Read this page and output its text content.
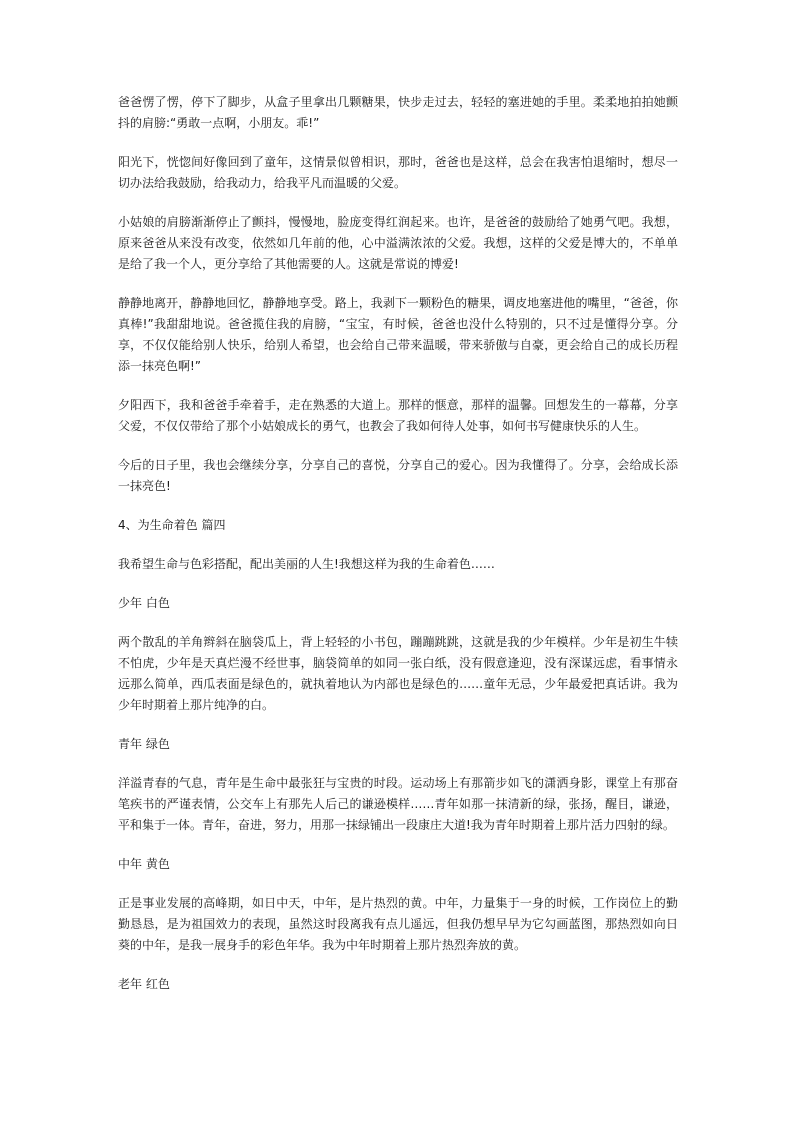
爸爸愣了愣，停下了脚步，从盒子里拿出几颗糖果，快步走过去，轻轻的塞进她的手里。柔柔地拍拍她颤抖的肩膀:“勇敢一点啊，小朋友。乖!”

阳光下，恍惚间好像回到了童年，这情景似曾相识，那时，爸爸也是这样，总会在我害怕退缩时，想尽一切办法给我鼓励，给我动力，给我平凡而温暖的父爱。

小姑娘的肩膀渐渐停止了颤抖，慢慢地，脸庞变得红润起来。也许，是爸爸的鼓励给了她勇气吧。我想，原来爸爸从来没有改变，依然如几年前的他，心中溢满浓浓的父爱。我想，这样的父爱是博大的，不单单是给了我一个人，更分享给了其他需要的人。这就是常说的博爱!

静静地离开，静静地回忆，静静地享受。路上，我剥下一颗粉色的糖果，调皮地塞进他的嘴里，“爸爸，你真棒!”我甜甜地说。爸爸揽住我的肩膀，“宝宝，有时候，爸爸也没什么特别的，只不过是懂得分享。分享，不仅仅能给别人快乐，给别人希望，也会给自己带来温暖，带来骄傲与自豪，更会给自己的成长历程添一抹亮色啊!”

夕阳西下，我和爸爸手牵着手，走在熟悉的大道上。那样的惬意，那样的温馨。回想发生的一幕幕，分享父爱，不仅仅带给了那个小姑娘成长的勇气，也教会了我如何待人处事，如何书写健康快乐的人生。

今后的日子里，我也会继续分享，分享自己的喜悦，分享自己的爱心。因为我懂得了。分享，会给成长添一抹亮色!

4、为生命着色 篇四

我希望生命与色彩搭配，配出美丽的人生!我想这样为我的生命着色……

少年 白色

两个散乱的羊角辫斜在脑袋瓜上，背上轻轻的小书包，蹦蹦跳跳，这就是我的少年模样。少年是初生牛犊不怕虎，少年是天真烂漫不经世事，脑袋简单的如同一张白纸，没有假意逢迎，没有深谋远虑，看事情永远那么简单，西瓜表面是绿色的，就执着地认为内部也是绿色的……童年无忌，少年最爱把真话讲。我为少年时期着上那片纯净的白。

青年 绿色

洋溢青春的气息，青年是生命中最张狂与宝贵的时段。运动场上有那箭步如飞的潇洒身影，课堂上有那奋笔疾书的严谨表情，公交车上有那先人后己的谦逊模样……青年如那一抹清新的绿，张扬，醒目，谦逊，平和集于一体。青年，奋进，努力，用那一抹绿铺出一段康庄大道!我为青年时期着上那片活力四射的绿。

中年 黄色

正是事业发展的高峰期，如日中天，中年，是片热烈的黄。中年，力量集于一身的时候，工作岗位上的勤勤恳恳，是为祖国效力的表现，虽然这时段离我有点儿遥远，但我仍想早早为它勾画蓝图，那热烈如向日葵的中年，是我一展身手的彩色年华。我为中年时期着上那片热烈奔放的黄。

老年 红色
